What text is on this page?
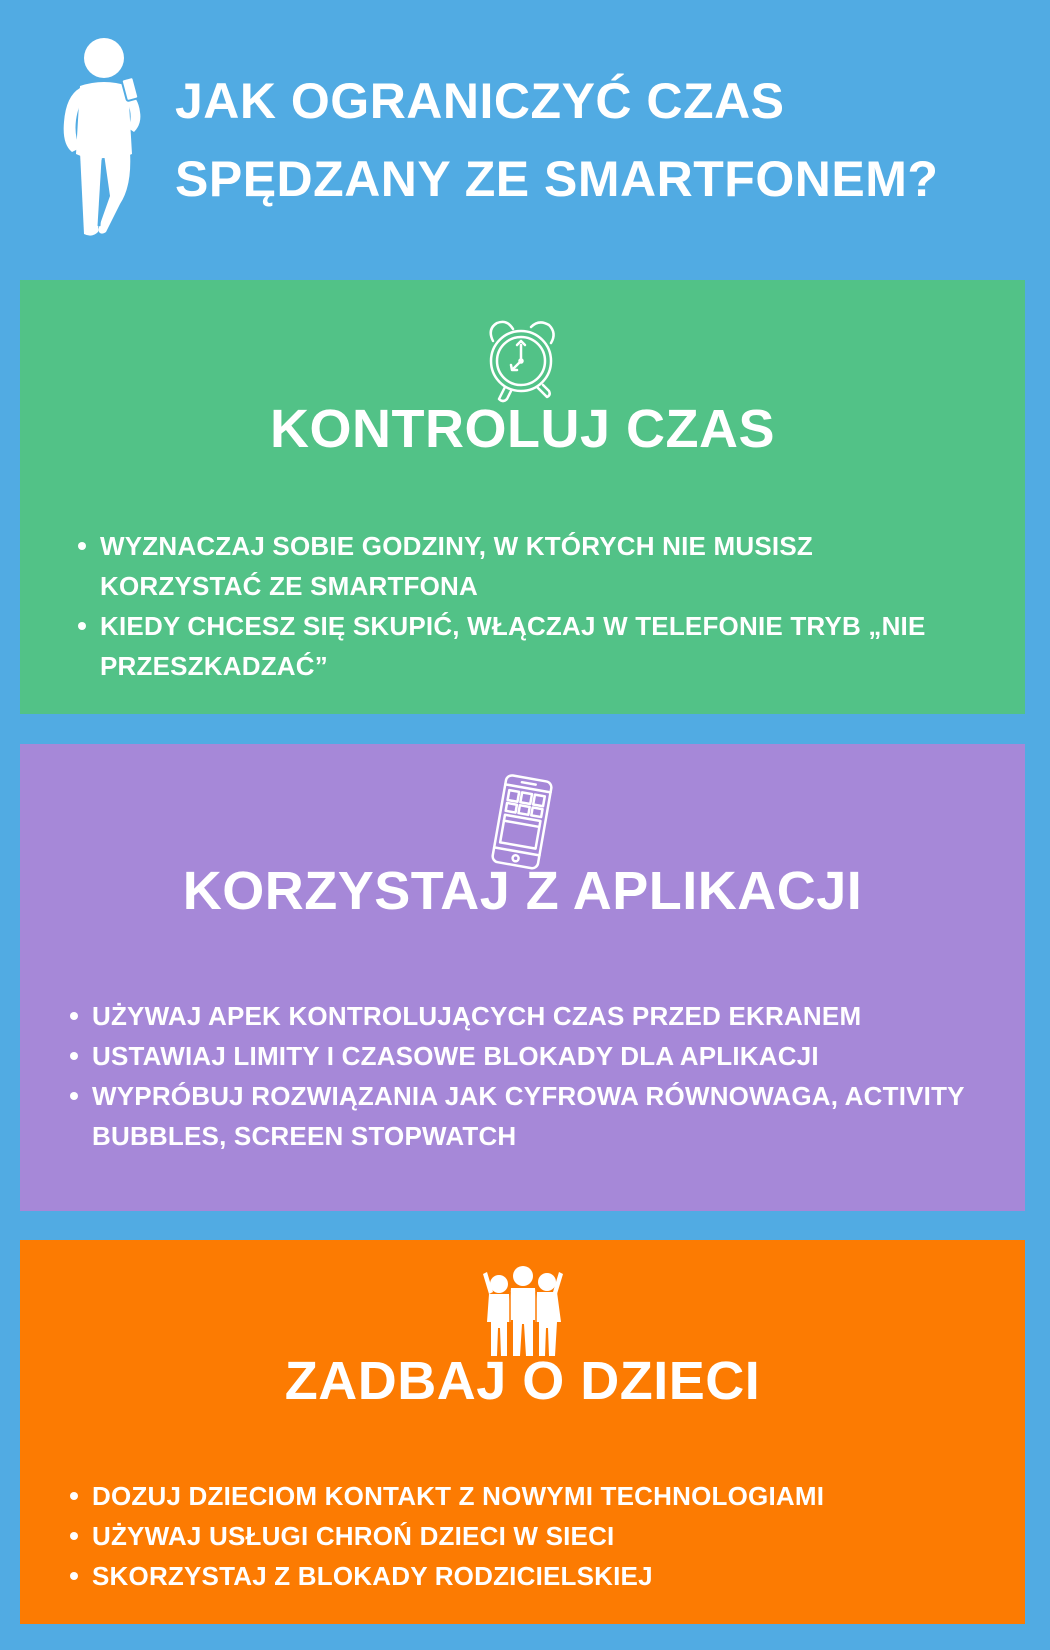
JAK OGRANICZYĆ CZAS
SPĘDZANY ZE SMARTFONEM?
KONTROLUJ CZAS
WYZNACZAJ SOBIE GODZINY, W KTÓRYCH NIE MUSISZ KORZYSTAĆ ZE SMARTFONA
KIEDY CHCESZ SIĘ SKUPIĆ, WŁĄCZAJ W TELEFONIE TRYB „NIE PRZESZKADZAĆ”
KORZYSTAJ Z APLIKACJI
UŻYWAJ APEK KONTROLUJĄCYCH CZAS PRZED EKRANEM
USTAWIAJ LIMITY I CZASOWE BLOKADY DLA APLIKACJI
WYPRÓBUJ ROZWIĄZANIA JAK CYFROWA RÓWNOWAGA, ACTIVITY BUBBLES, SCREEN STOPWATCH
ZADBAJ O DZIECI
DOZUJ DZIECIOM KONTAKT Z NOWYMI TECHNOLOGIAMI
UŻYWAJ USŁUGI CHROŃ DZIECI W SIECI
SKORZYSTAJ Z BLOKADY RODZICIELSKIEJ
